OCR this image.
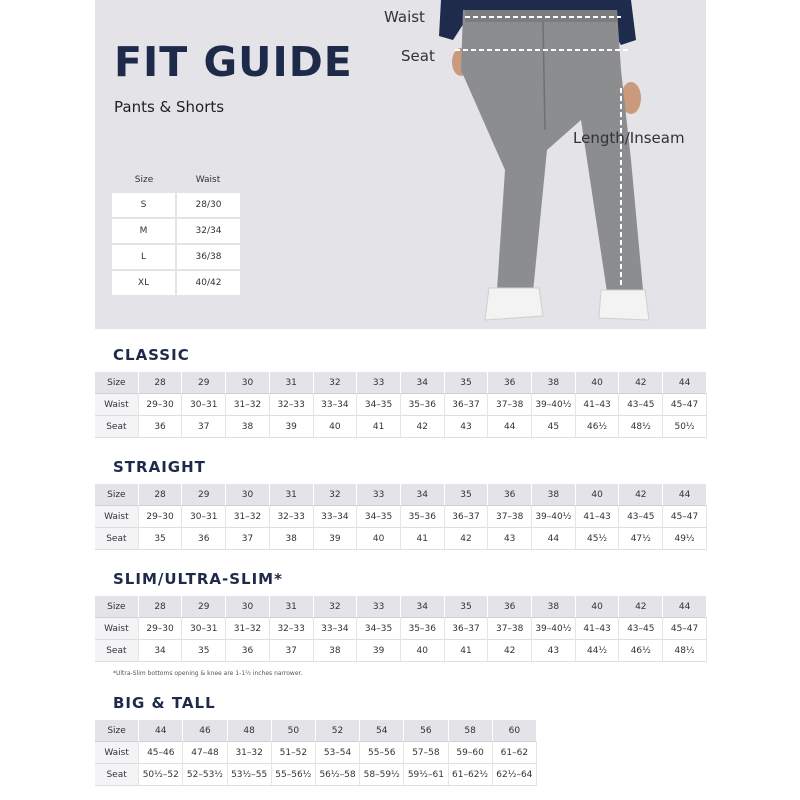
FIT GUIDE
Pants & Shorts
Size	Waist
S	28/30
M	32/34
L	36/38
XL	40/42
Waist
Seat
Length/Inseam
CLASSIC
Size	28	29	30	31	32	33	34	35	36	38	40	42	44
Waist	29–30	30–31	31–32	32–33	33–34	34–35	35–36	36–37	37–38	39–40½	41–43	43–45	45–47
Seat	36	37	38	39	40	41	42	43	44	45	46½	48½	50½
STRAIGHT
Size	28	29	30	31	32	33	34	35	36	38	40	42	44
Waist	29–30	30–31	31–32	32–33	33–34	34–35	35–36	36–37	37–38	39–40½	41–43	43–45	45–47
Seat	35	36	37	38	39	40	41	42	43	44	45½	47½	49½
SLIM/ULTRA-SLIM*
Size	28	29	30	31	32	33	34	35	36	38	40	42	44
Waist	29–30	30–31	31–32	32–33	33–34	34–35	35–36	36–37	37–38	39–40½	41–43	43–45	45–47
Seat	34	35	36	37	38	39	40	41	42	43	44½	46½	48½
*Ultra-Slim bottoms opening & knee are 1-1½ inches narrower.
BIG & TALL
Size	44	46	48	50	52	54	56	58	60
Waist	45–46	47–48	31–32	51–52	53–54	55–56	57–58	59–60	61–62
Seat	50½–52	52–53½	53½–55	55–56½	56½–58	58–59½	59½–61	61–62½	62½–64
